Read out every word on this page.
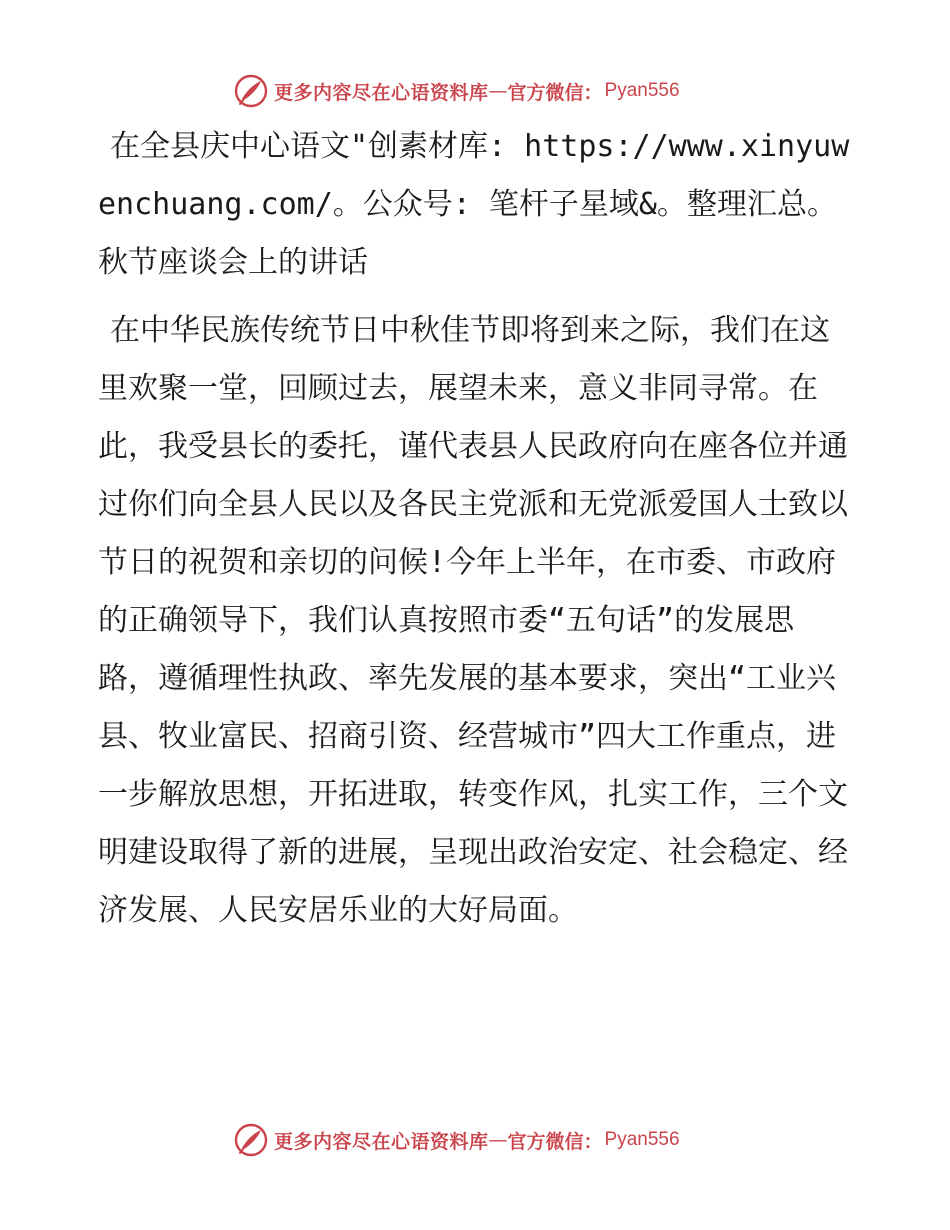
更多内容尽在心语资料库 — 官方微信： Pyan556

在全县庆中心语文"创素材库: https://www.xinyuwenchuang.com/。公众号: 笔杆子星域&。整理汇总。秋节座谈会上的讲话

在中华民族传统节日中秋佳节即将到来之际，我们在这里欢聚一堂，回顾过去，展望未来，意义非同寻常。在此，我受县长的委托，谨代表县人民政府向在座各位并通过你们向全县人民以及各民主党派和无党派爱国人士致以节日的祝贺和亲切的问候!今年上半年，在市委、市政府的正确领导下，我们认真按照市委“五句话”的发展思路，遵循理性执政、率先发展的基本要求，突出“工业兴县、牧业富民、招商引资、经营城市”四大工作重点，进一步解放思想，开拓进取，转变作风，扎实工作，三个文明建设取得了新的进展，呈现出政治安定、社会稳定、经济发展、人民安居乐业的大好局面。

更多内容尽在心语资料库 — 官方微信： Pyan556
